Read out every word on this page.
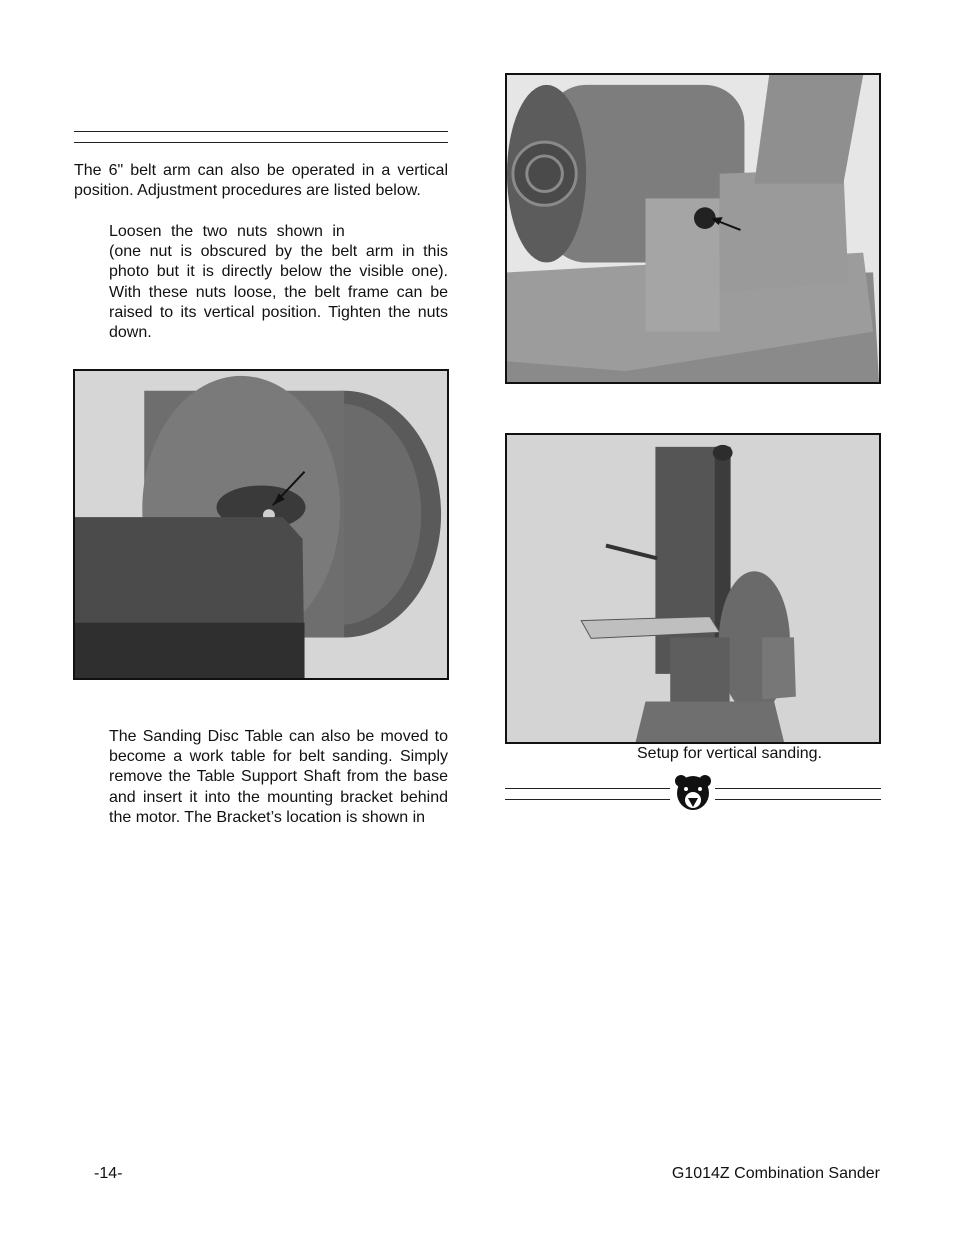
The 6" belt arm can also be operated in a vertical position. Adjustment procedures are listed below.
Loosen the two nuts shown in
(one nut is obscured by the belt arm in this photo but it is directly below the visible one). With these nuts loose, the belt frame can be raised to its vertical position. Tighten the nuts down.
The Sanding Disc Table can also be moved to become a work table for belt sanding. Simply remove the Table Support Shaft from the base and insert it into the mounting bracket behind the motor. The Bracket’s location is shown in
Setup for vertical sanding.
-14-	G1014Z Combination Sander
